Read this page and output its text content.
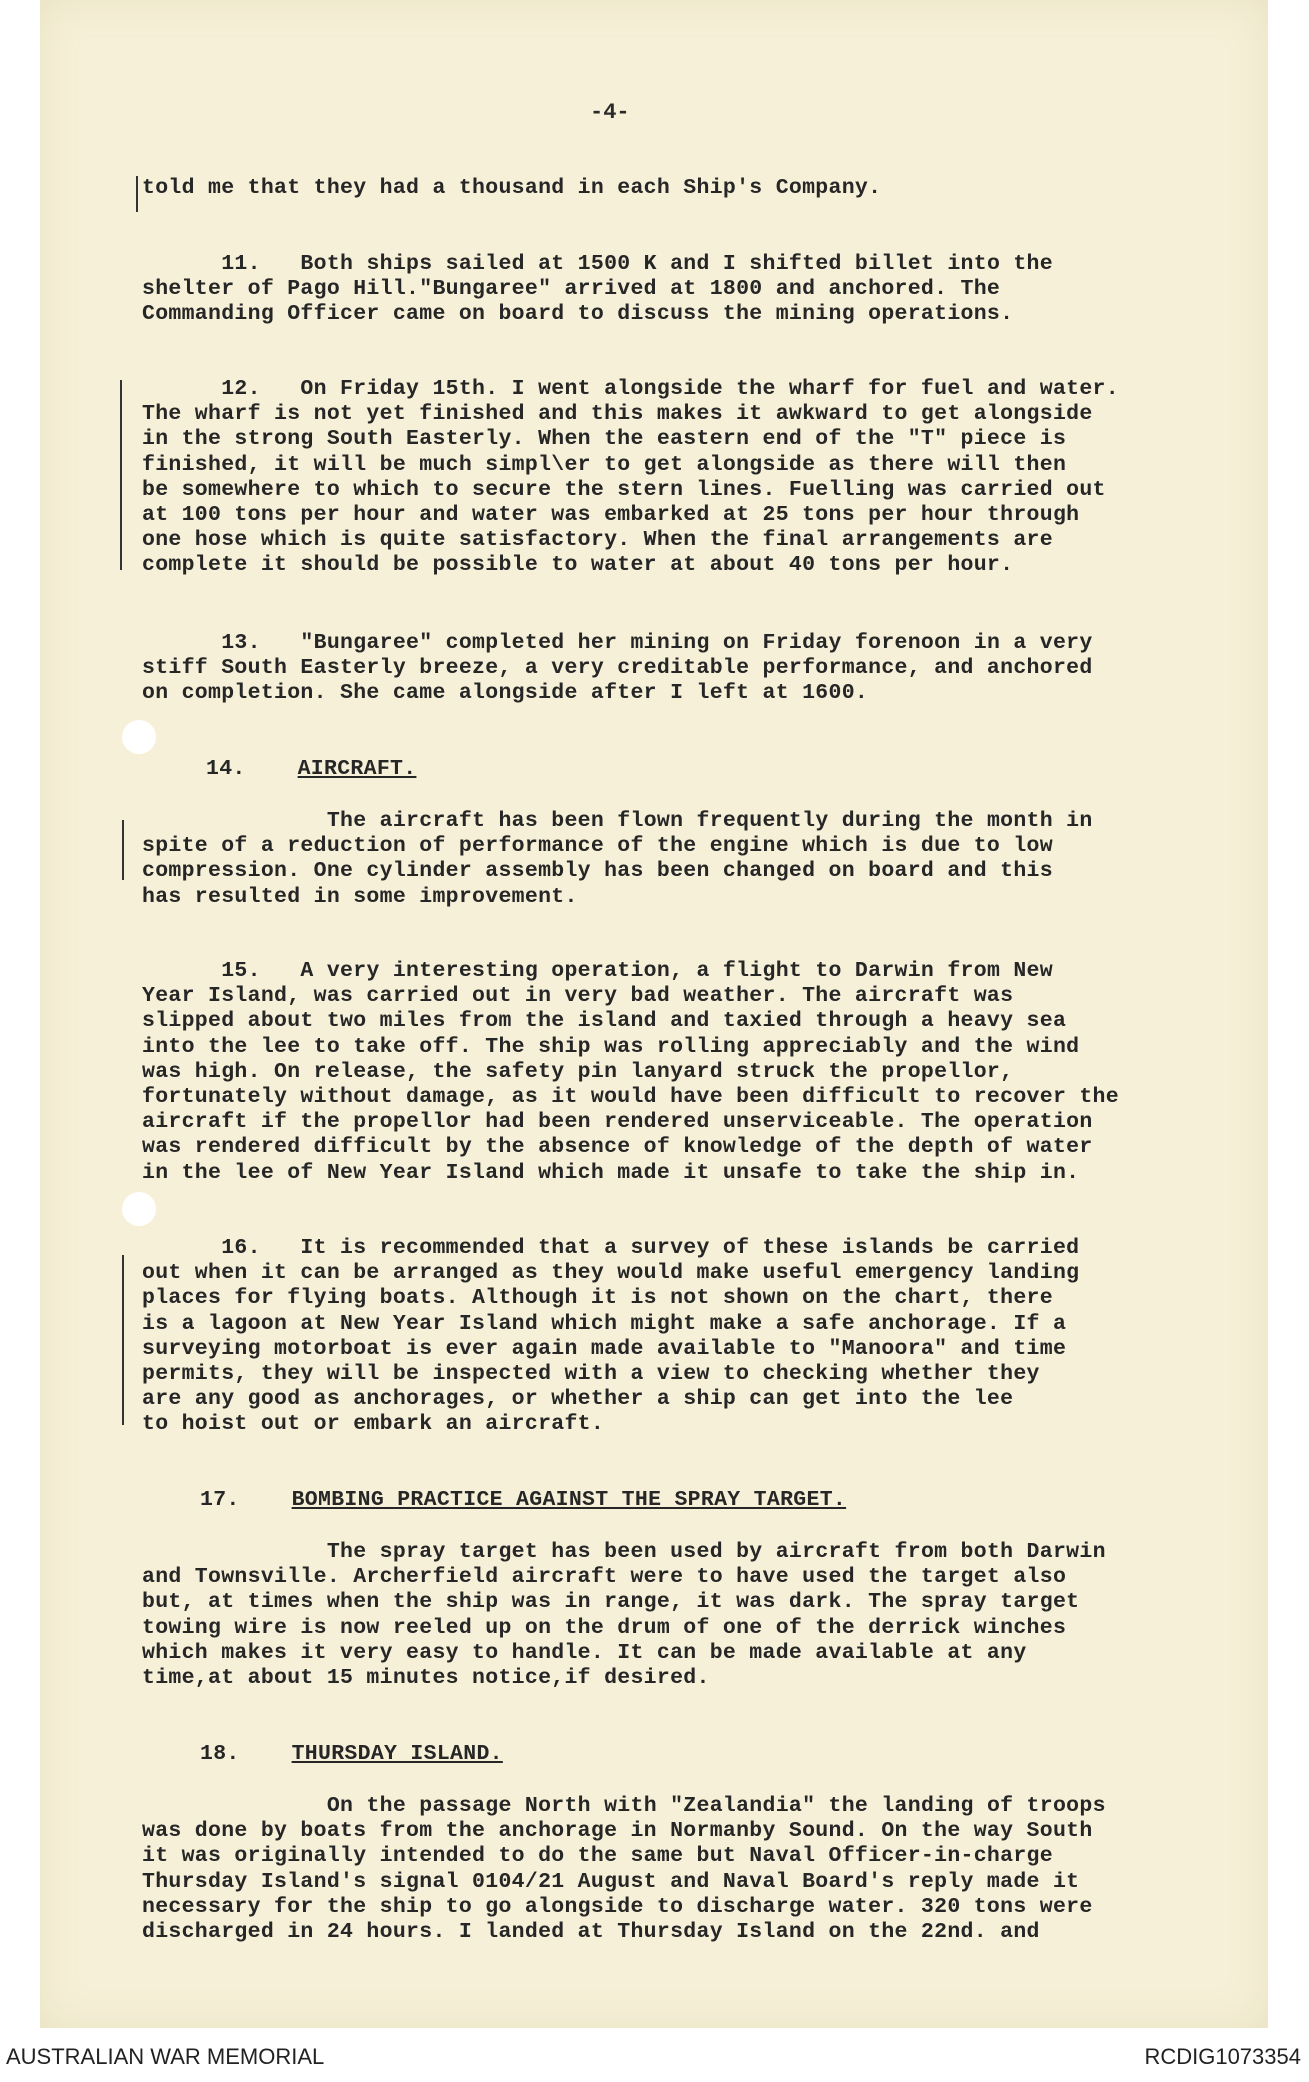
-4-
told me that they had a thousand in each Ship's Company.
11.   Both ships sailed at 1500 K and I shifted billet into the
shelter of Pago Hill."Bungaree" arrived at 1800 and anchored. The
Commanding Officer came on board to discuss the mining operations.
12.   On Friday 15th. I went alongside the wharf for fuel and water.
The wharf is not yet finished and this makes it awkward to get alongside
in the strong South Easterly. When the eastern end of the "T" piece is
finished, it will be much simpl\er to get alongside as there will then
be somewhere to which to secure the stern lines. Fuelling was carried out
at 100 tons per hour and water was embarked at 25 tons per hour through
one hose which is quite satisfactory. When the final arrangements are
complete it should be possible to water at about 40 tons per hour.
13.   "Bungaree" completed her mining on Friday forenoon in a very
stiff South Easterly breeze, a very creditable performance, and anchored
on completion. She came alongside after I left at 1600.
14. AIRCRAFT.
The aircraft has been flown frequently during the month in
spite of a reduction of performance of the engine which is due to low
compression. One cylinder assembly has been changed on board and this
has resulted in some improvement.
15.   A very interesting operation, a flight to Darwin from New
Year Island, was carried out in very bad weather. The aircraft was
slipped about two miles from the island and taxied through a heavy sea
into the lee to take off. The ship was rolling appreciably and the wind
was high. On release, the safety pin lanyard struck the propellor,
fortunately without damage, as it would have been difficult to recover the
aircraft if the propellor had been rendered unserviceable. The operation
was rendered difficult by the absence of knowledge of the depth of water
in the lee of New Year Island which made it unsafe to take the ship in.
16.   It is recommended that a survey of these islands be carried
out when it can be arranged as they would make useful emergency landing
places for flying boats. Although it is not shown on the chart, there
is a lagoon at New Year Island which might make a safe anchorage. If a
surveying motorboat is ever again made available to "Manoora" and time
permits, they will be inspected with a view to checking whether they
are any good as anchorages, or whether a ship can get into the lee
to hoist out or embark an aircraft.
17. BOMBING PRACTICE AGAINST THE SPRAY TARGET.
The spray target has been used by aircraft from both Darwin
and Townsville. Archerfield aircraft were to have used the target also
but, at times when the ship was in range, it was dark. The spray target
towing wire is now reeled up on the drum of one of the derrick winches
which makes it very easy to handle. It can be made available at any
time,at about 15 minutes notice,if desired.
18. THURSDAY ISLAND.
On the passage North with "Zealandia" the landing of troops
was done by boats from the anchorage in Normanby Sound. On the way South
it was originally intended to do the same but Naval Officer-in-charge
Thursday Island's signal 0104/21 August and Naval Board's reply made it
necessary for the ship to go alongside to discharge water. 320 tons were
discharged in 24 hours. I landed at Thursday Island on the 22nd. and
AUSTRALIAN WAR MEMORIAL	RCDIG1073354
